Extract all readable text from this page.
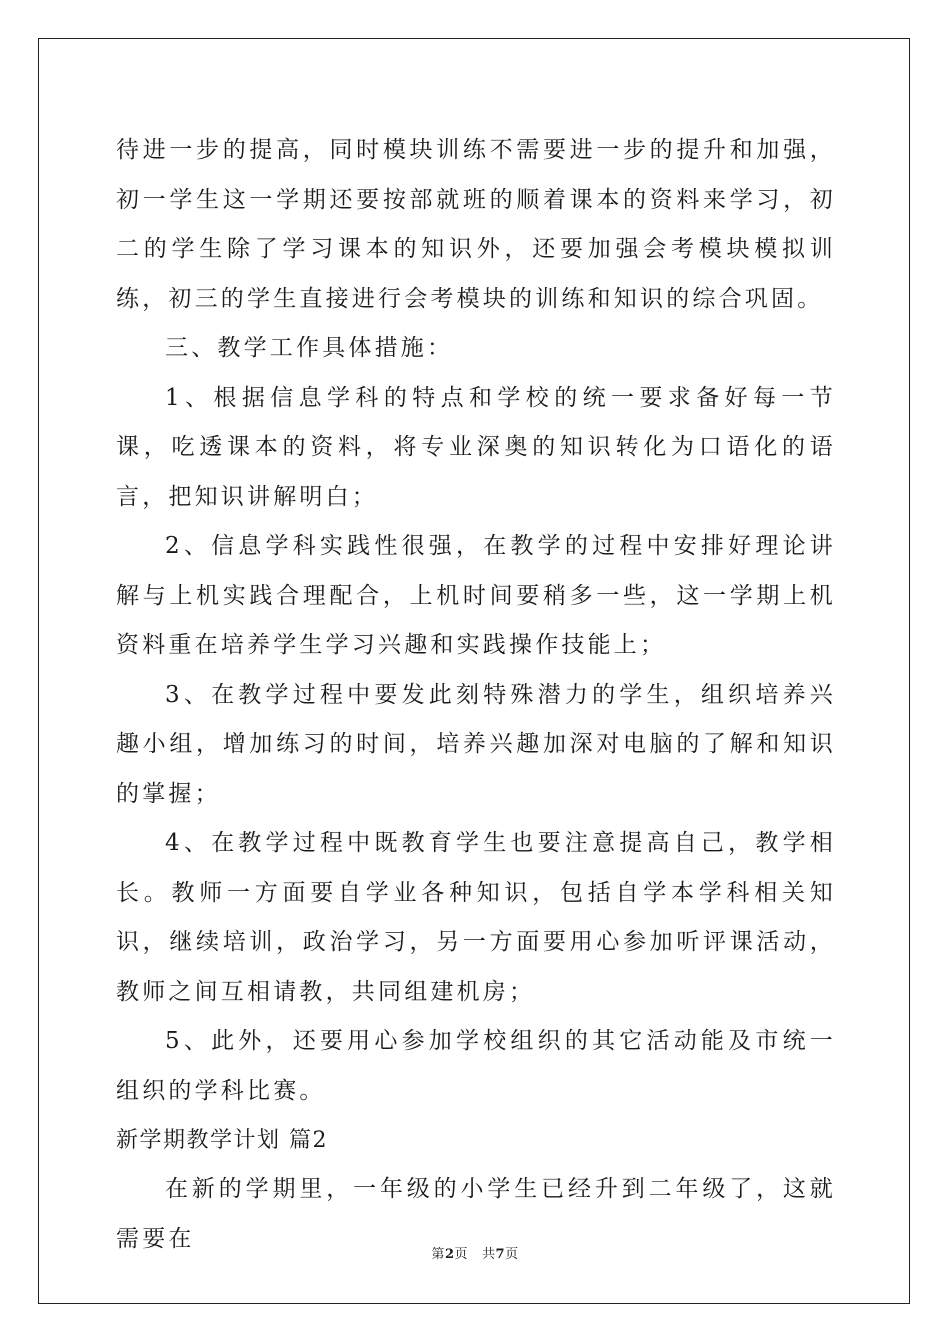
待进一步的提高，同时模块训练不需要进一步的提升和加强，初一学生这一学期还要按部就班的顺着课本的资料来学习，初二的学生除了学习课本的知识外，还要加强会考模块模拟训练，初三的学生直接进行会考模块的训练和知识的综合巩固。

三、教学工作具体措施：

1、根据信息学科的特点和学校的统一要求备好每一节课，吃透课本的资料，将专业深奥的知识转化为口语化的语言，把知识讲解明白；

2、信息学科实践性很强，在教学的过程中安排好理论讲解与上机实践合理配合，上机时间要稍多一些，这一学期上机资料重在培养学生学习兴趣和实践操作技能上；

3、在教学过程中要发此刻特殊潜力的学生，组织培养兴趣小组，增加练习的时间，培养兴趣加深对电脑的了解和知识的掌握；

4、在教学过程中既教育学生也要注意提高自己，教学相长。教师一方面要自学业各种知识，包括自学本学科相关知识，继续培训，政治学习，另一方面要用心参加听评课活动，教师之间互相请教，共同组建机房；

5、此外，还要用心参加学校组织的其它活动能及市统一组织的学科比赛。

新学期教学计划 篇2

在新的学期里，一年级的小学生已经升到二年级了，这就需要在

第2页 共7页
